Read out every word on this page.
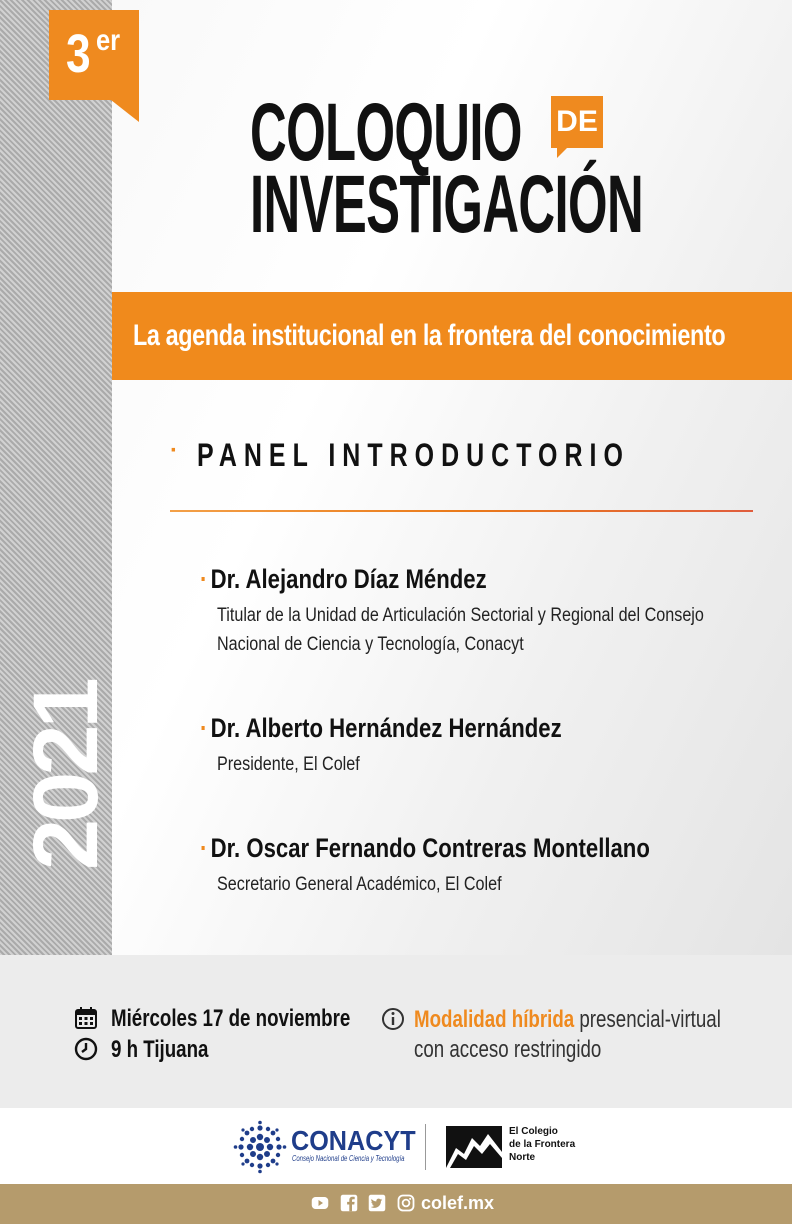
3 er
2021
COLOQUIO DE
INVESTIGACIÓN
La agenda institucional en la frontera del conocimiento
· PANEL INTRODUCTORIO
· Dr. Alejandro Díaz Méndez
Titular de la Unidad de Articulación Sectorial y Regional del Consejo
Nacional de Ciencia y Tecnología, Conacyt
· Dr. Alberto Hernández Hernández
Presidente, El Colef
· Dr. Oscar Fernando Contreras Montellano
Secretario General Académico, El Colef
Miércoles 17 de noviembre
9 h Tijuana
Modalidad híbrida presencial-virtual
con acceso restringido
CONACYT
Consejo Nacional de Ciencia y Tecnología
El Colegio
de la Frontera
Norte
colef.mx
